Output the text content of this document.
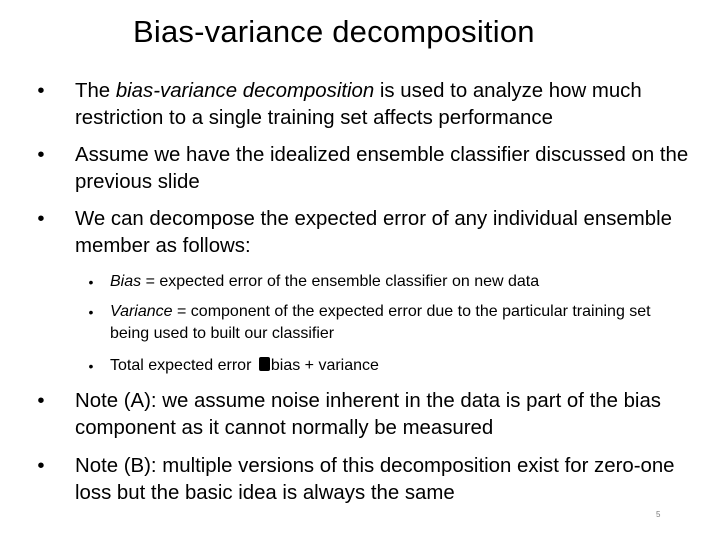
Bias-variance decomposition

•	The bias-variance decomposition is used to analyze how much restriction to a single training set affects performance

•	Assume we have the idealized ensemble classifier discussed on the previous slide

•	We can decompose the expected error of any individual ensemble member as follows:

• Bias = expected error of the ensemble classifier on new data

• Variance = component of the expected error due to the particular training set being used to built our classifier

• Total expected error bias + variance

•	Note (A): we assume noise inherent in the data is part of the bias component as it cannot normally be measured

•	Note (B): multiple versions of this decomposition exist for zero-one loss but the basic idea is always the same

5
